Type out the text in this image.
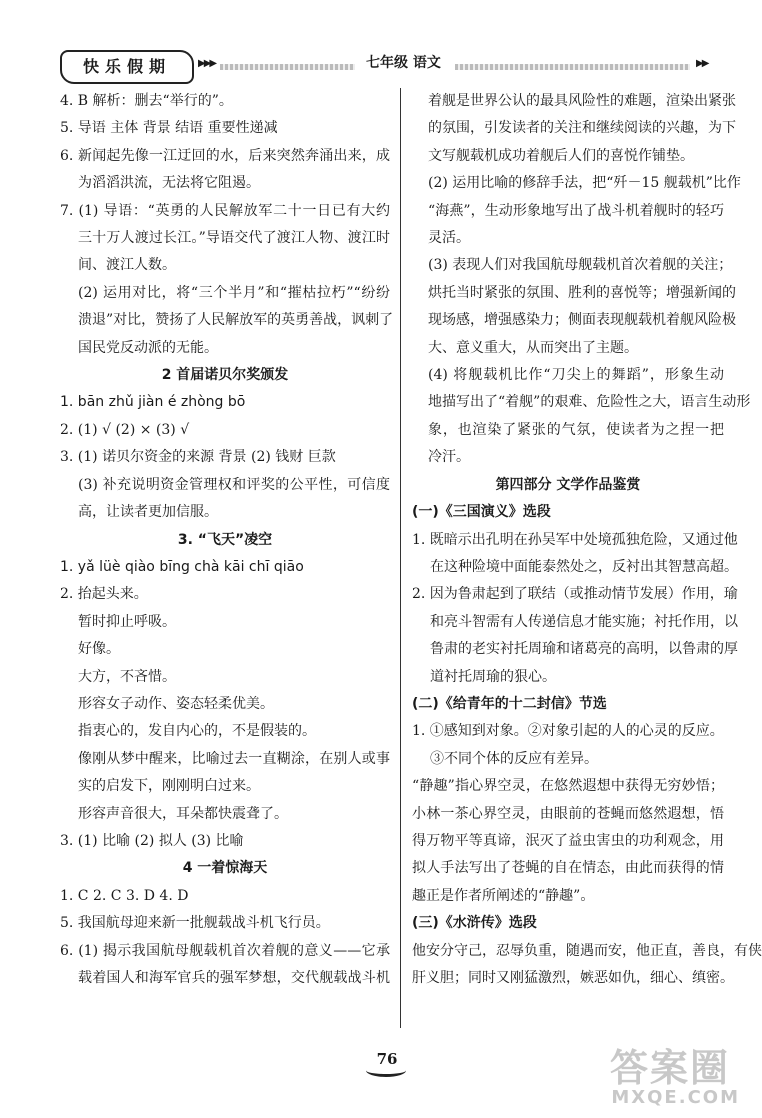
快乐假期	▶▶▶	七年级 语文	▶▶
4. B 解析：删去“举行的”。
5. 导语 主体 背景 结语 重要性递减
6. 新闻起先像一江迂回的水，后来突然奔涌出来，成
为滔滔洪流，无法将它阻遏。
7. (1) 导语：“英勇的人民解放军二十一日已有大约
三十万人渡过长江。”导语交代了渡江人物、渡江时
间、渡江人数。
(2) 运用对比，将“三个半月”和“摧枯拉朽”“纷纷
溃退”对比，赞扬了人民解放军的英勇善战，讽刺了
国民党反动派的无能。
2 首届诺贝尔奖颁发
1. bān zhǔ jiàn é zhòng bō
2. (1) √ (2) × (3) √
3. (1) 诺贝尔资金的来源 背景 (2) 钱财 巨款
(3) 补充说明资金管理权和评奖的公平性，可信度
高，让读者更加信服。
3. “飞天”凌空
1. yǎ lüè qiào bīng chà kāi chī qiāo
2. 抬起头来。
暂时抑止呼吸。
好像。
大方，不吝惜。
形容女子动作、姿态轻柔优美。
指衷心的，发自内心的，不是假装的。
像刚从梦中醒来，比喻过去一直糊涂，在别人或事
实的启发下，刚刚明白过来。
形容声音很大，耳朵都快震聋了。
3. (1) 比喻 (2) 拟人 (3) 比喻
4 一着惊海天
1. C 2. C 3. D 4. D
5. 我国航母迎来新一批舰载战斗机飞行员。
6. (1) 揭示我国航母舰载机首次着舰的意义——它承
载着国人和海军官兵的强军梦想，交代舰载战斗机
着舰是世界公认的最具风险性的难题，渲染出紧张
的氛围，引发读者的关注和继续阅读的兴趣，为下
文写舰载机成功着舰后人们的喜悦作铺垫。
(2) 运用比喻的修辞手法，把“歼－15 舰载机”比作
“海燕”，生动形象地写出了战斗机着舰时的轻巧
灵活。
(3) 表现人们对我国航母舰载机首次着舰的关注；
烘托当时紧张的氛围、胜利的喜悦等；增强新闻的
现场感，增强感染力；侧面表现舰载机着舰风险极
大、意义重大，从而突出了主题。
(4) 将舰载机比作“刀尖上的舞蹈”，形象生动
地描写出了“着舰”的艰难、危险性之大，语言生动形
象，也渲染了紧张的气氛，使读者为之捏一把
冷汗。
第四部分 文学作品鉴赏
(一)《三国演义》选段
1. 既暗示出孔明在孙吴军中处境孤独危险，又通过他
在这种险境中面能泰然处之，反衬出其智慧高超。
2. 因为鲁肃起到了联结（或推动情节发展）作用，瑜
和亮斗智需有人传递信息才能实施；衬托作用，以
鲁肃的老实衬托周瑜和诸葛亮的高明，以鲁肃的厚
道衬托周瑜的狠心。
(二)《给青年的十二封信》节选
1. ①感知到对象。②对象引起的人的心灵的反应。
③不同个体的反应有差异。
“静趣”指心界空灵，在悠然遐想中获得无穷妙悟；
小林一茶心界空灵，由眼前的苍蝇而悠然遐想，悟
得万物平等真谛，泯灭了益虫害虫的功利观念，用
拟人手法写出了苍蝇的自在情态，由此而获得的情
趣正是作者所阐述的“静趣”。
(三)《水浒传》选段
他安分守己，忍辱负重，随遇而安，他正直，善良，有侠
肝义胆；同时又刚猛激烈，嫉恶如仇，细心、缜密。
76	答案圈
MXQE.COM
